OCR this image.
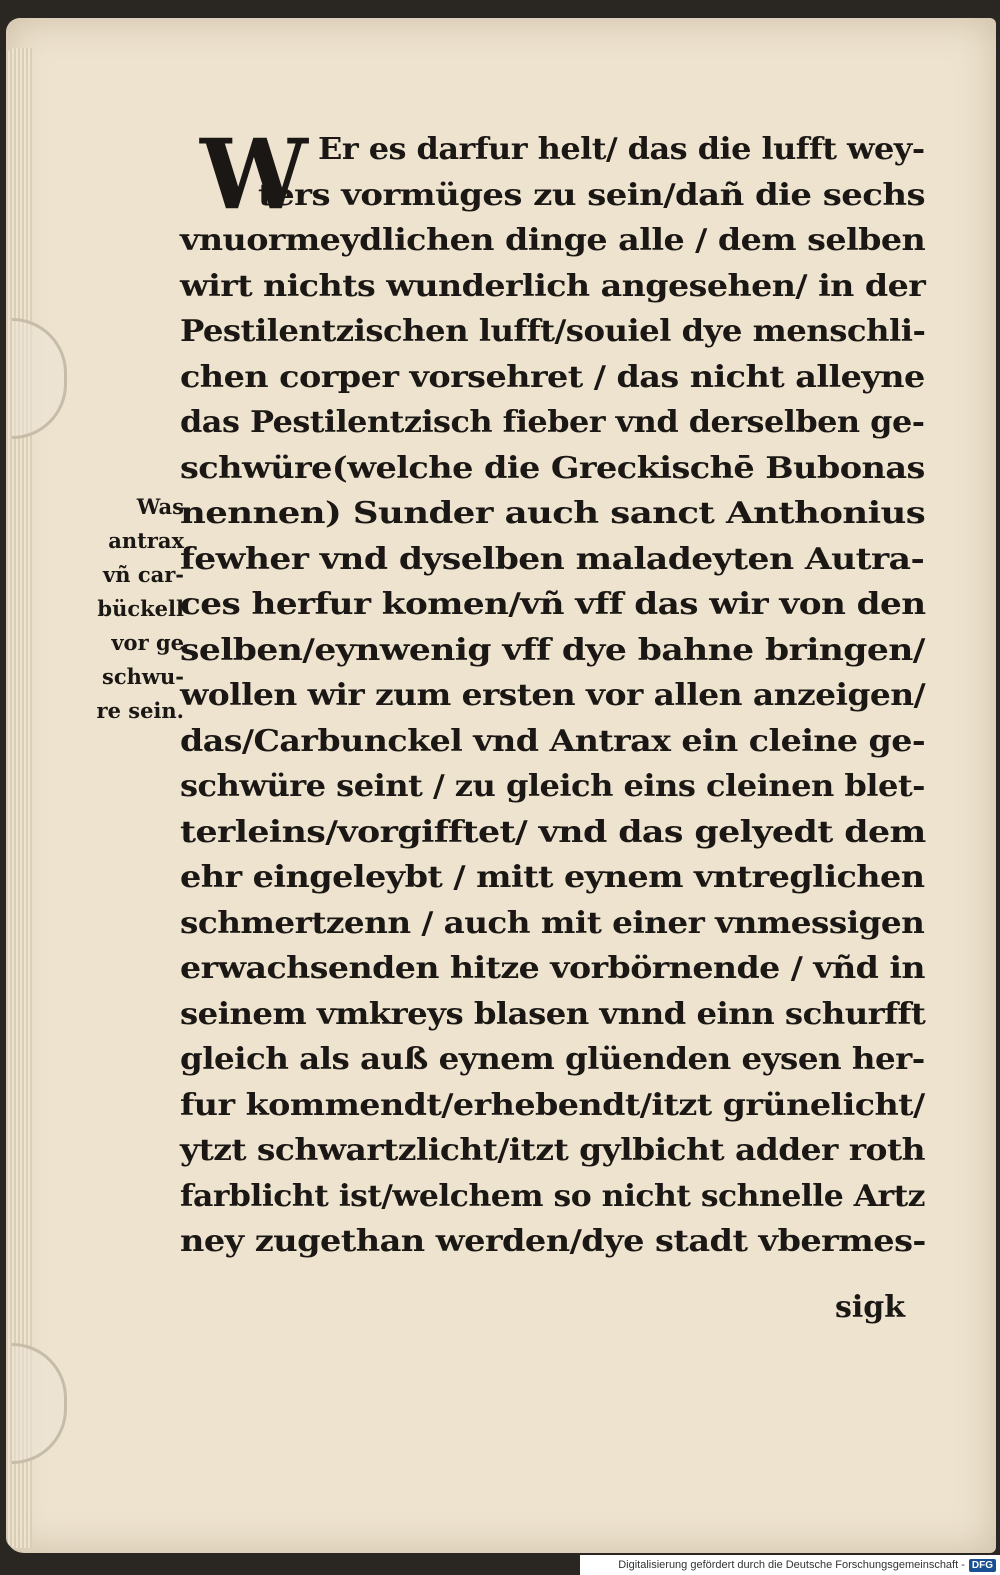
W Er es darfur helt/ das die lufft wey-
ters vormüges zu sein/dañ die sechs
vnuormeydlichen dinge alle / dem selben
wirt nichts wunderlich angesehen/ in der
Pestilentzischen lufft/souiel dye menschli-
chen corper vorsehret / das nicht alleyne
das Pestilentzisch fieber vnd derselben ge-
schwüre(welche die Greckischē Bubonas
nennen) Sunder auch sanct Anthonius
fewher vnd dyselben maladeyten Autra-
ces herfur komen/vñ vff das wir von den
selben/eynwenig vff dye bahne bringen/
wollen wir zum ersten vor allen anzeigen/
das/Carbunckel vnd Antrax ein cleine ge-
schwüre seint / zu gleich eins cleinen blet-
terleins/vorgifftet/ vnd das gelyedt dem
ehr eingeleybt / mitt eynem vntreglichen
schmertzenn / auch mit einer vnmessigen
erwachsenden hitze vorbörnende / vñd in
seinem vmkreys blasen vnnd einn schurfft
gleich als auß eynem glüenden eysen her-
fur kommendt/erhebendt/itzt grünelicht/
ytzt schwartzlicht/itzt gylbicht adder roth
farblicht ist/welchem so nicht schnelle Artz
ney zugethan werden/dye stadt vbermes-
sigk
Was
antrax
vñ car-
bückell
vor ge
schwu-
re sein.
Digitalisierung gefördert durch die Deutsche Forschungsgemeinschaft - DFG
